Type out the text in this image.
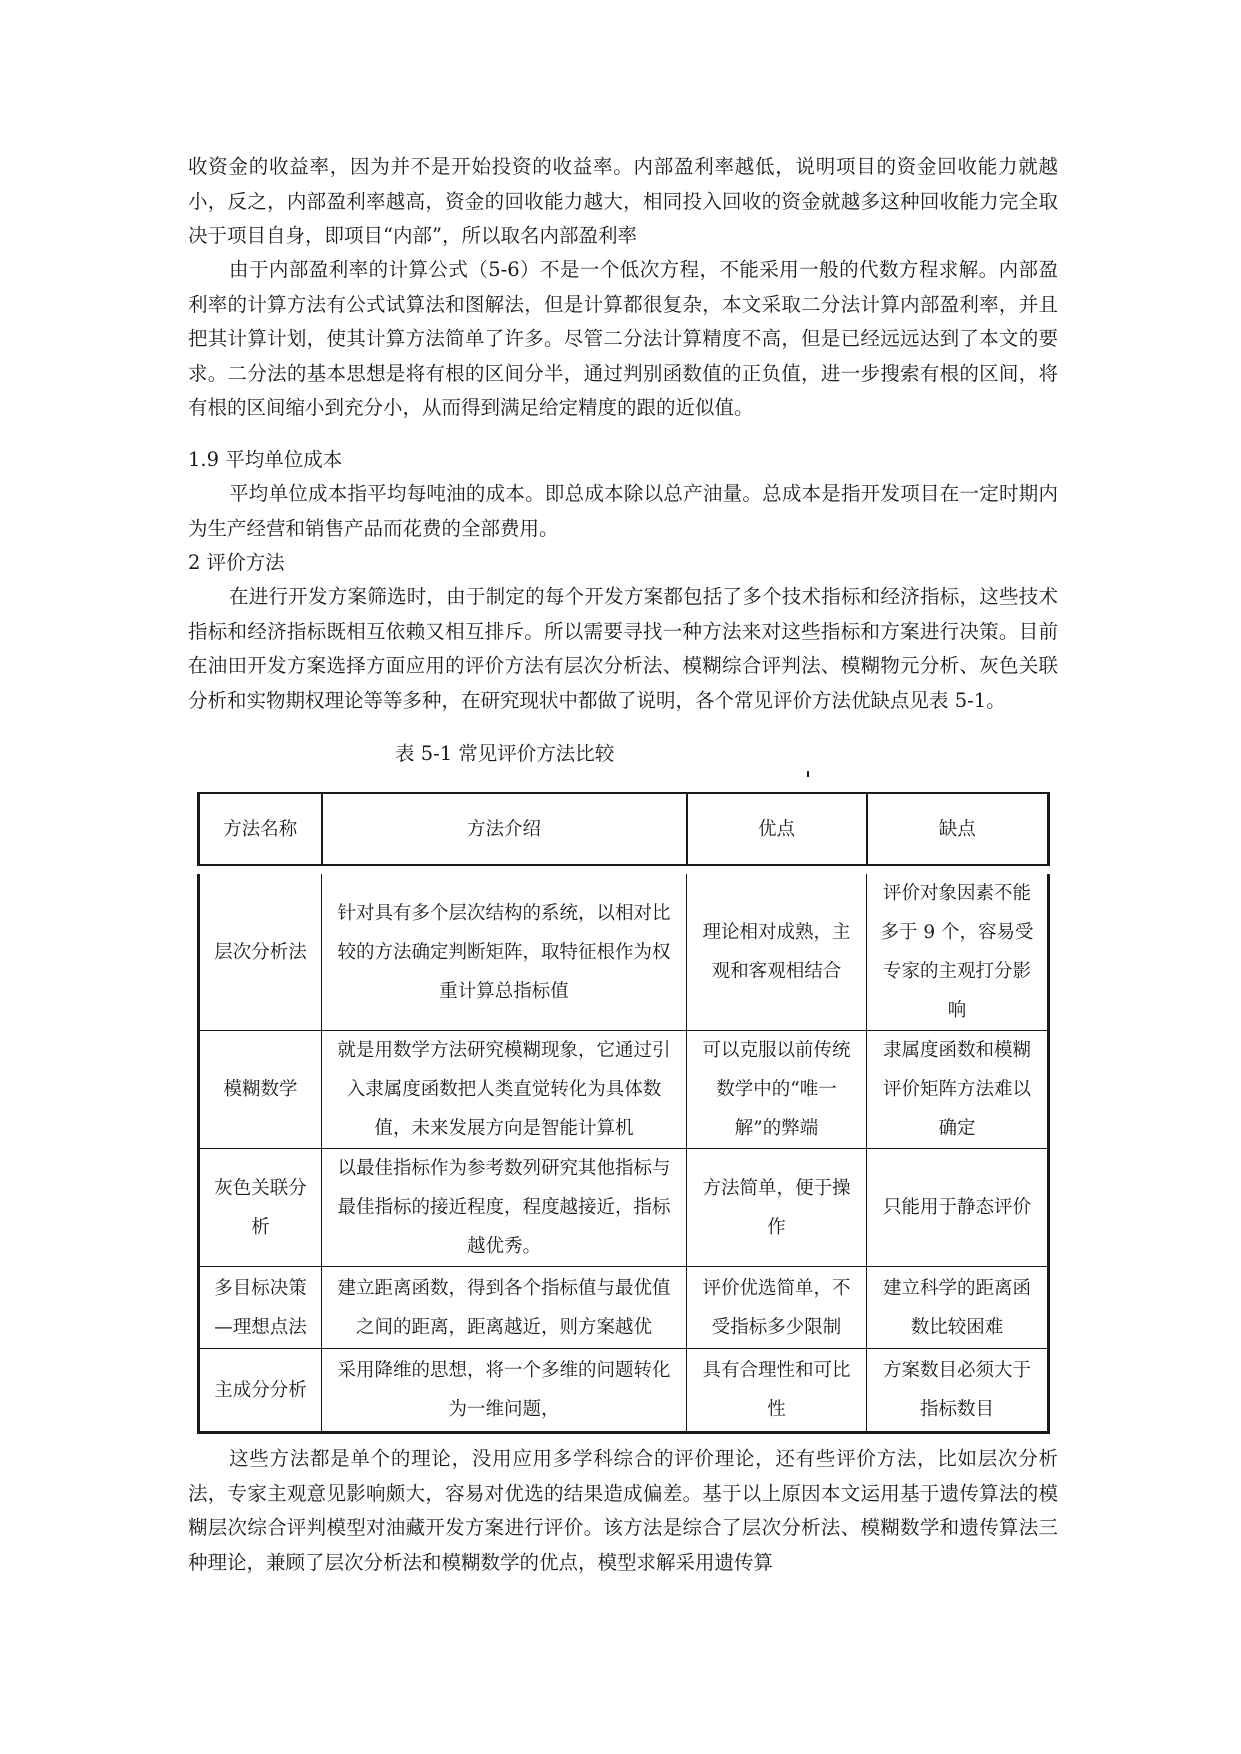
收资金的收益率，因为并不是开始投资的收益率。内部盈利率越低，说明项目的资金回收能力就越小，反之，内部盈利率越高，资金的回收能力越大，相同投入回收的资金就越多这种回收能力完全取决于项目自身，即项目“内部”，所以取名内部盈利率

由于内部盈利率的计算公式（5-6）不是一个低次方程，不能采用一般的代数方程求解。内部盈利率的计算方法有公式试算法和图解法，但是计算都很复杂，本文采取二分法计算内部盈利率，并且把其计算计划，使其计算方法简单了许多。尽管二分法计算精度不高，但是已经远远达到了本文的要求。二分法的基本思想是将有根的区间分半，通过判别函数值的正负值，进一步搜索有根的区间，将有根的区间缩小到充分小，从而得到满足给定精度的跟的近似值。

1.9 平均单位成本

平均单位成本指平均每吨油的成本。即总成本除以总产油量。总成本是指开发项目在一定时期内为生产经营和销售产品而花费的全部费用。

2 评价方法

在进行开发方案筛选时，由于制定的每个开发方案都包括了多个技术指标和经济指标，这些技术指标和经济指标既相互依赖又相互排斥。所以需要寻找一种方法来对这些指标和方案进行决策。目前在油田开发方案选择方面应用的评价方法有层次分析法、模糊综合评判法、模糊物元分析、灰色关联分析和实物期权理论等等多种，在研究现状中都做了说明，各个常见评价方法优缺点见表 5-1。

表 5-1 常见评价方法比较
方法名称	方法介绍	优点	缺点
层次分析法	针对具有多个层次结构的系统，以相对比较的方法确定判断矩阵，取特征根作为权重计算总指标值	理论相对成熟，主观和客观相结合	评价对象因素不能多于 9 个，容易受专家的主观打分影响
模糊数学	就是用数学方法研究模糊现象，它通过引入隶属度函数把人类直觉转化为具体数值，未来发展方向是智能计算机	可以克服以前传统数学中的“唯一解”的弊端	隶属度函数和模糊评价矩阵方法难以确定
灰色关联分析	以最佳指标作为参考数列研究其他指标与最佳指标的接近程度，程度越接近，指标越优秀。	方法简单，便于操作	只能用于静态评价
多目标决策—理想点法	建立距离函数，得到各个指标值与最优值之间的距离，距离越近，则方案越优	评价优选简单，不受指标多少限制	建立科学的距离函数比较困难
主成分分析	采用降维的思想，将一个多维的问题转化为一维问题，	具有合理性和可比性	方案数目必须大于指标数目

这些方法都是单个的理论，没用应用多学科综合的评价理论，还有些评价方法，比如层次分析法，专家主观意见影响颇大，容易对优选的结果造成偏差。基于以上原因本文运用基于遗传算法的模糊层次综合评判模型对油藏开发方案进行评价。该方法是综合了层次分析法、模糊数学和遗传算法三种理论，兼顾了层次分析法和模糊数学的优点，模型求解采用遗传算
